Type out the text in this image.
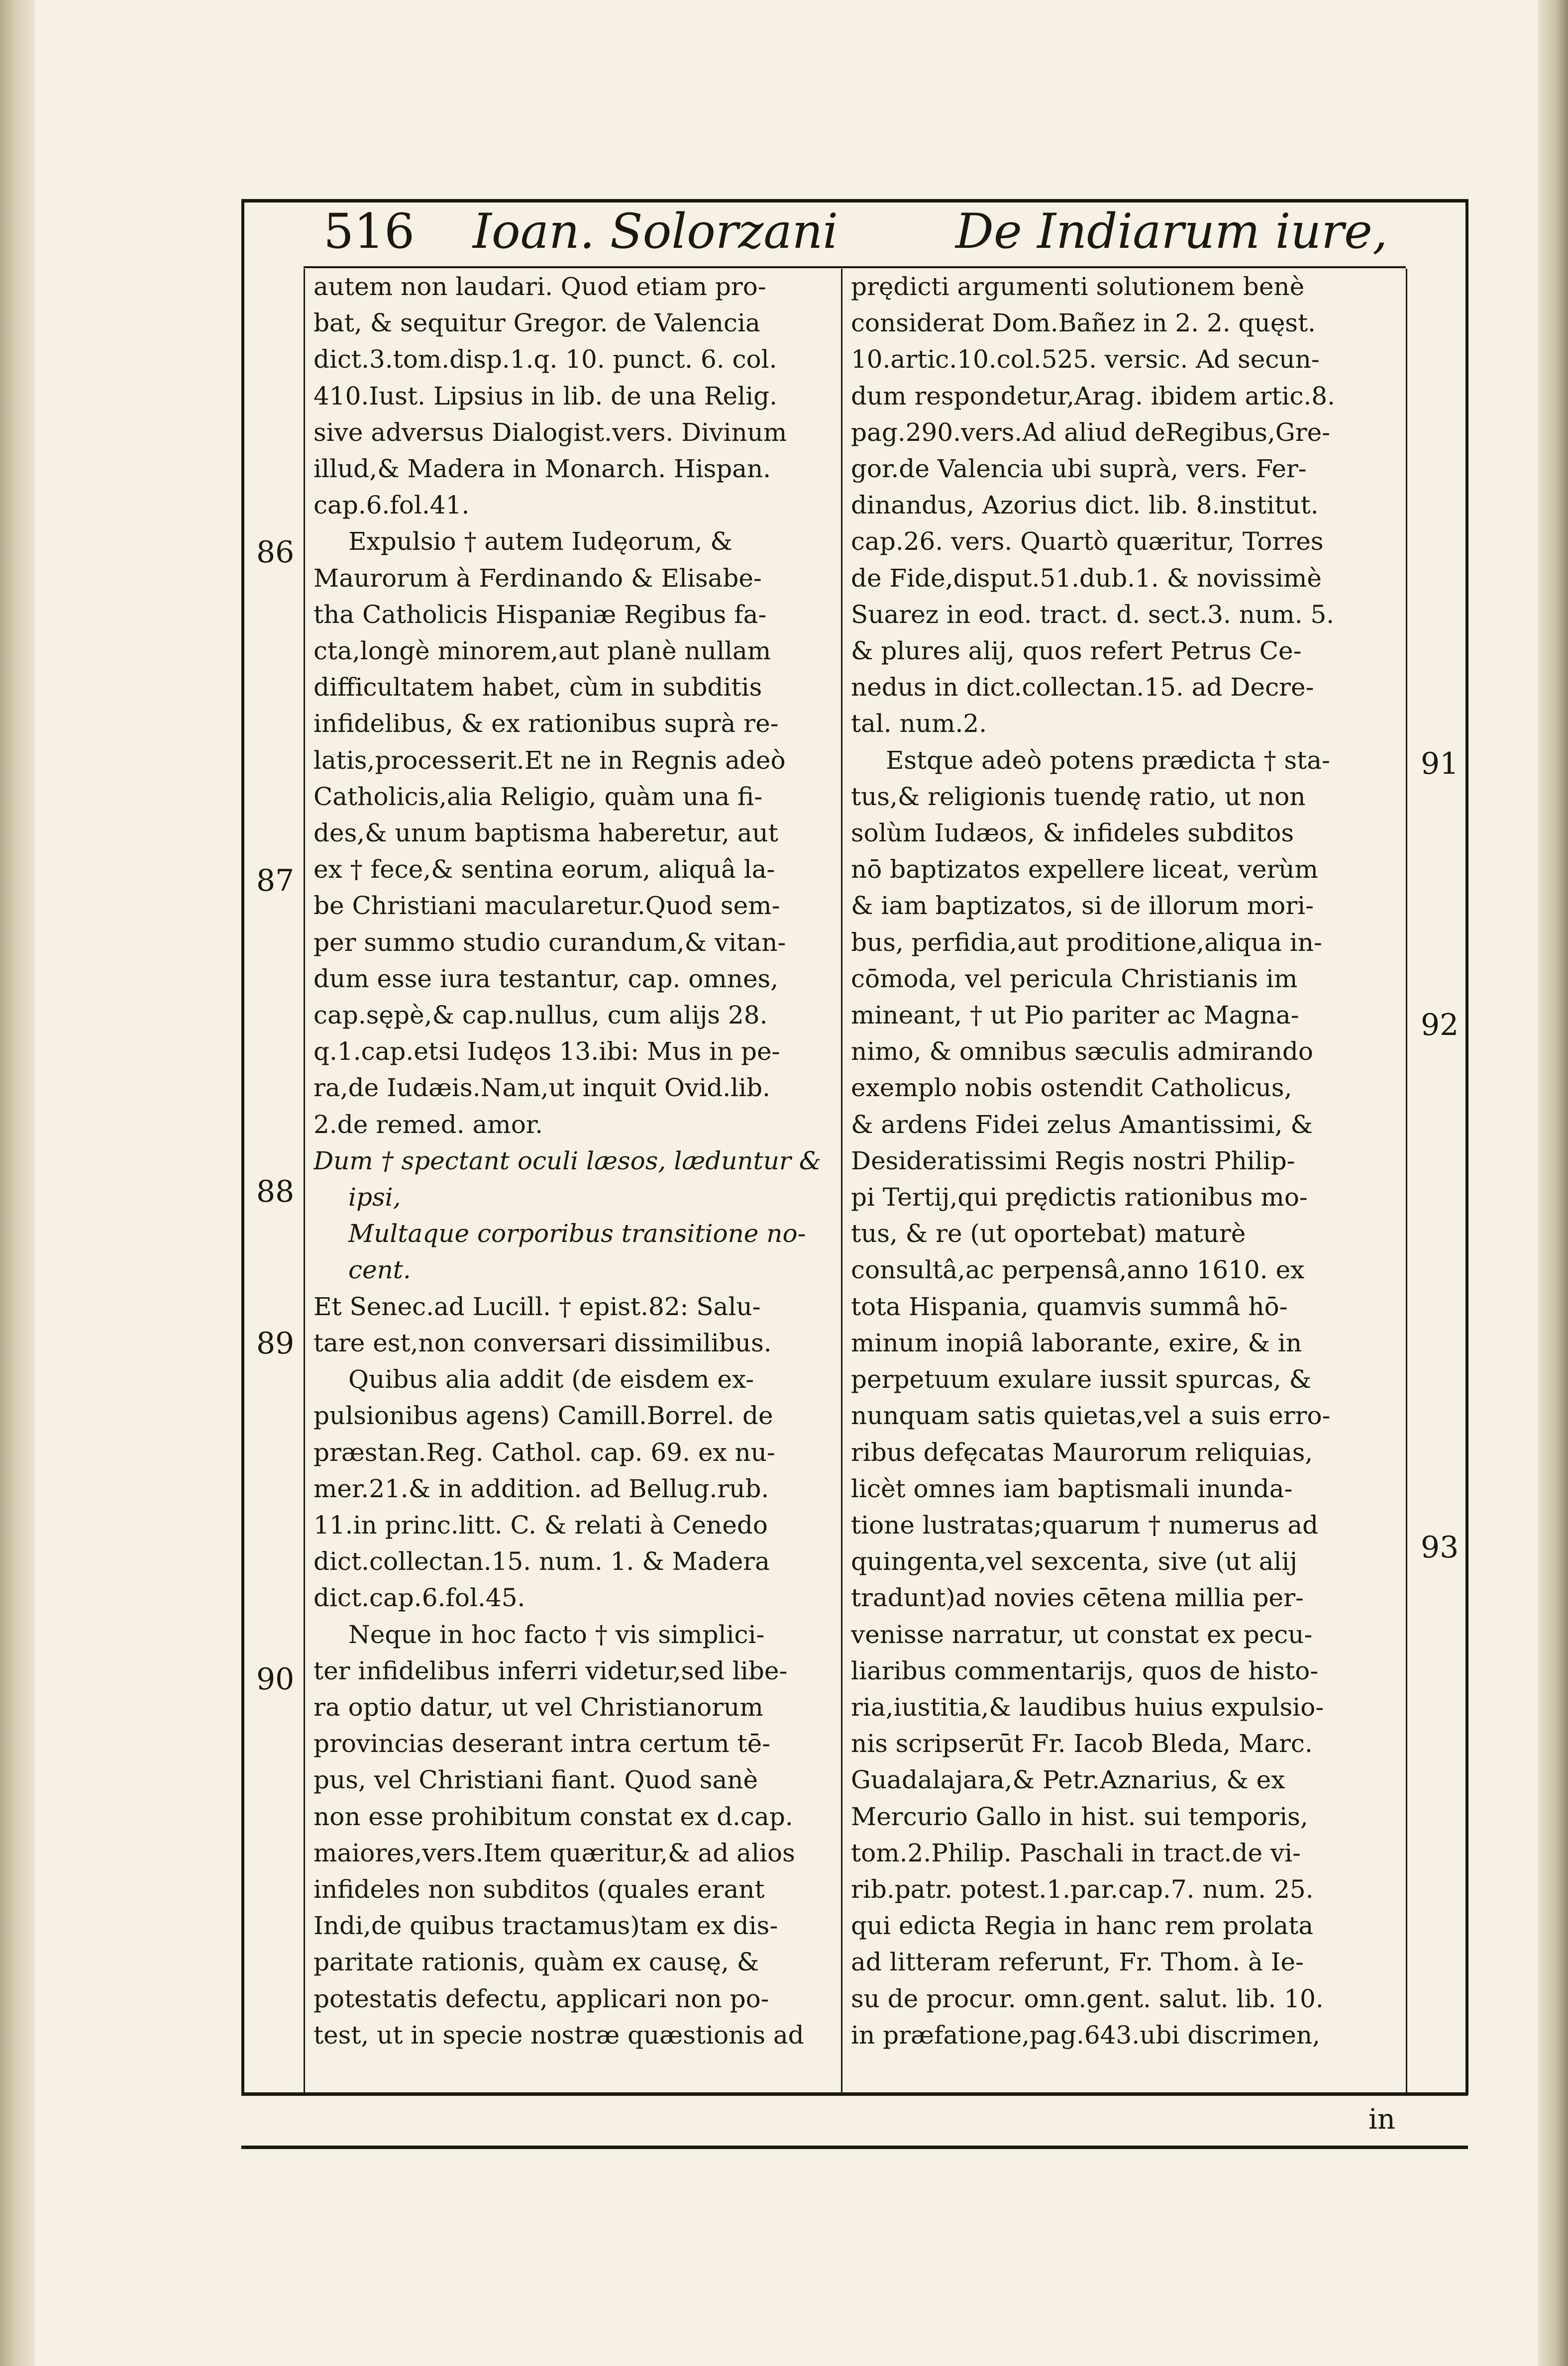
516 Ioan. Solorzani De Indiarum iure,

autem non laudari. Quod etiam pro-

bat, & sequitur Gregor. de Valencia

dict.3.tom.disp.1.q. 10. punct. 6. col.

410.Iust. Lipsius in lib. de una Relig.

sive adversus Dialogist.vers. Divinum

illud,& Madera in Monarch. Hispan.

cap.6.fol.41.

Expulsio † autem Iudęorum, &

Maurorum à Ferdinando & Elisabe-

tha Catholicis Hispaniæ Regibus fa-

cta,longè minorem,aut planè nullam

difficultatem habet, cùm in subditis

infidelibus, & ex rationibus suprà re-

latis,processerit.Et ne in Regnis adeò

Catholicis,alia Religio, quàm una fi-

des,& unum baptisma haberetur, aut

ex † fece,& sentina eorum, aliquâ la-

be Christiani macularetur.Quod sem-

per summo studio curandum,& vitan-

dum esse iura testantur, cap. omnes,

cap.sępè,& cap.nullus, cum alijs 28.

q.1.cap.etsi Iudęos 13.ibi: Mus in pe-

ra,de Iudæis.Nam,ut inquit Ovid.lib.

2.de remed. amor.

Dum † spectant oculi læsos, læduntur &

ipsi,

Multaque corporibus transitione no-

cent.

Et Senec.ad Lucill. † epist.82: Salu-

tare est,non conversari dissimilibus.

Quibus alia addit (de eisdem ex-

pulsionibus agens) Camill.Borrel. de

præstan.Reg. Cathol. cap. 69. ex nu-

mer.21.& in addition. ad Bellug.rub.

11.in princ.litt. C. & relati à Cenedo

dict.collectan.15. num. 1. & Madera

dict.cap.6.fol.45.

Neque in hoc facto † vis simplici-

ter infidelibus inferri videtur,sed libe-

ra optio datur, ut vel Christianorum

provincias deserant intra certum tē-

pus, vel Christiani fiant. Quod sanè

non esse prohibitum constat ex d.cap.

maiores,vers.Item quæritur,& ad alios

infideles non subditos (quales erant

Indi,de quibus tractamus)tam ex dis-

paritate rationis, quàm ex causę, &

potestatis defectu, applicari non po-

test, ut in specie nostræ quæstionis ad

prędicti argumenti solutionem benè

considerat Dom.Bañez in 2. 2. quęst.

10.artic.10.col.525. versic. Ad secun-

dum respondetur,Arag. ibidem artic.8.

pag.290.vers.Ad aliud deRegibus,Gre-

gor.de Valencia ubi suprà, vers. Fer-

dinandus, Azorius dict. lib. 8.institut.

cap.26. vers. Quartò quæritur, Torres

de Fide,disput.51.dub.1. & novissimè

Suarez in eod. tract. d. sect.3. num. 5.

& plures alij, quos refert Petrus Ce-

nedus in dict.collectan.15. ad Decre-

tal. num.2.

Estque adeò potens prædicta † sta-

tus,& religionis tuendę ratio, ut non

solùm Iudæos, & infideles subditos

nō baptizatos expellere liceat, verùm

& iam baptizatos, si de illorum mori-

bus, perfidia,aut proditione,aliqua in-

cōmoda, vel pericula Christianis im

mineant, † ut Pio pariter ac Magna-

nimo, & omnibus sæculis admirando

exemplo nobis ostendit Catholicus,

& ardens Fidei zelus Amantissimi, &

Desideratissimi Regis nostri Philip-

pi Tertij,qui prędictis rationibus mo-

tus, & re (ut oportebat) maturè

consultâ,ac perpensâ,anno 1610. ex

tota Hispania, quamvis summâ hō-

minum inopiâ laborante, exire, & in

perpetuum exulare iussit spurcas, &

nunquam satis quietas,vel a suis erro-

ribus defęcatas Maurorum reliquias,

licèt omnes iam baptismali inunda-

tione lustratas;quarum † numerus ad

quingenta,vel sexcenta, sive (ut alij

tradunt)ad novies cētena millia per-

venisse narratur, ut constat ex pecu-

liaribus commentarijs, quos de histo-

ria,iustitia,& laudibus huius expulsio-

nis scripserūt Fr. Iacob Bleda, Marc.

Guadalajara,& Petr.Aznarius, & ex

Mercurio Gallo in hist. sui temporis,

tom.2.Philip. Paschali in tract.de vi-

rib.patr. potest.1.par.cap.7. num. 25.

qui edicta Regia in hanc rem prolata

ad litteram referunt, Fr. Thom. à Ie-

su de procur. omn.gent. salut. lib. 10.

in præfatione,pag.643.ubi discrimen,

86
87
88
89
90
91
92
93
in
